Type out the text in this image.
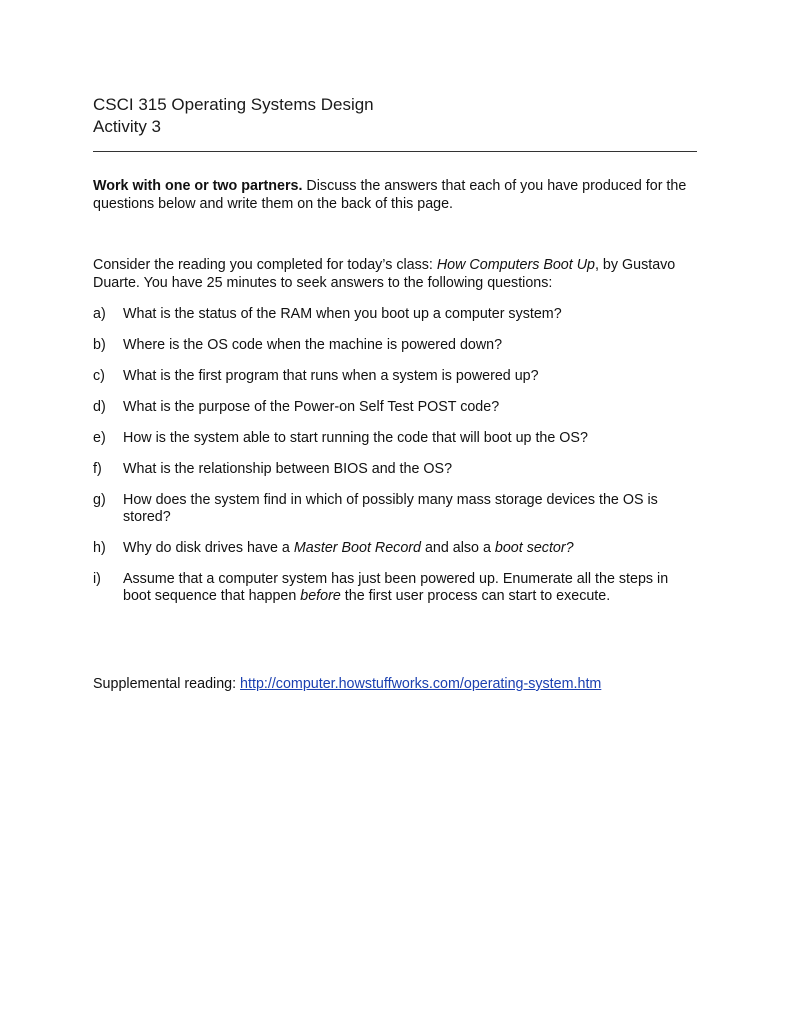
CSCI 315 Operating Systems Design

Activity 3

Work with one or two partners. Discuss the answers that each of you have produced for the questions below and write them on the back of this page.

Consider the reading you completed for today’s class: How Computers Boot Up, by Gustavo Duarte. You have 25 minutes to seek answers to the following questions:

a)	What is the status of the RAM when you boot up a computer system?
b)	Where is the OS code when the machine is powered down?
c)	What is the first program that runs when a system is powered up?
d)	What is the purpose of the Power-on Self Test POST code?
e)	How is the system able to start running the code that will boot up the OS?
f)	What is the relationship between BIOS and the OS?
g)	How does the system find in which of possibly many mass storage devices the OS is stored?
h)	Why do disk drives have a Master Boot Record and also a boot sector?
i)	Assume that a computer system has just been powered up. Enumerate all the steps in boot sequence that happen before the first user process can start to execute.

Supplemental reading: http://computer.howstuffworks.com/operating-system.htm
